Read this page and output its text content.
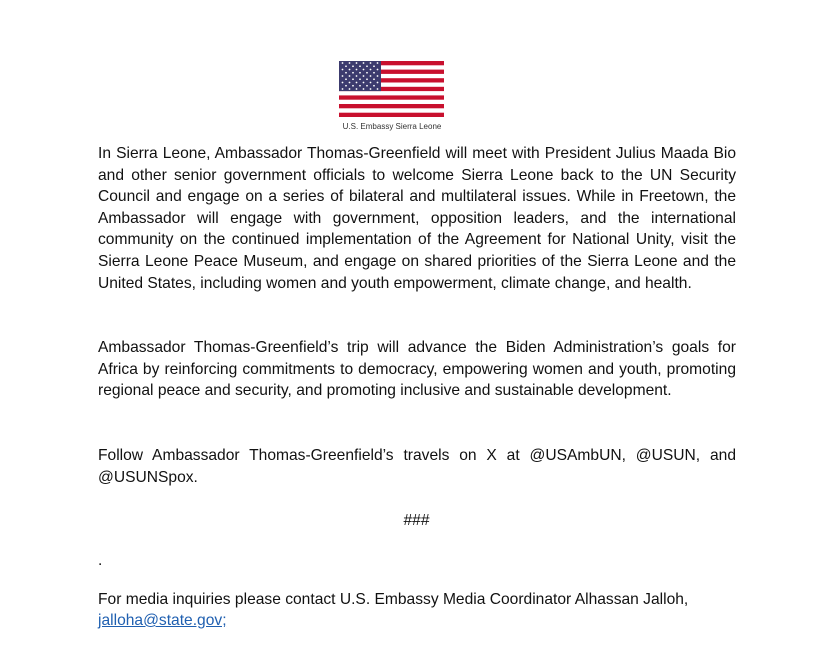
U.S. Embassy Sierra Leone

In Sierra Leone, Ambassador Thomas-Greenfield will meet with President Julius Maada Bio and other senior government officials to welcome Sierra Leone back to the UN Security Council and engage on a series of bilateral and multilateral issues. While in Freetown, the Ambassador will engage with government, opposition leaders, and the international community on the continued implementation of the Agreement for National Unity, visit the Sierra Leone Peace Museum, and engage on shared priorities of the Sierra Leone and the United States, including women and youth empowerment, climate change, and health.

Ambassador Thomas-Greenfield’s trip will advance the Biden Administration’s goals for Africa by reinforcing commitments to democracy, empowering women and youth, promoting regional peace and security, and promoting inclusive and sustainable development.

Follow Ambassador Thomas-Greenfield’s travels on X at @USAmbUN, @USUN, and @USUNSpox.

###
.
For media inquiries please contact U.S. Embassy Media Coordinator Alhassan Jalloh,
jalloha@state.gov;
